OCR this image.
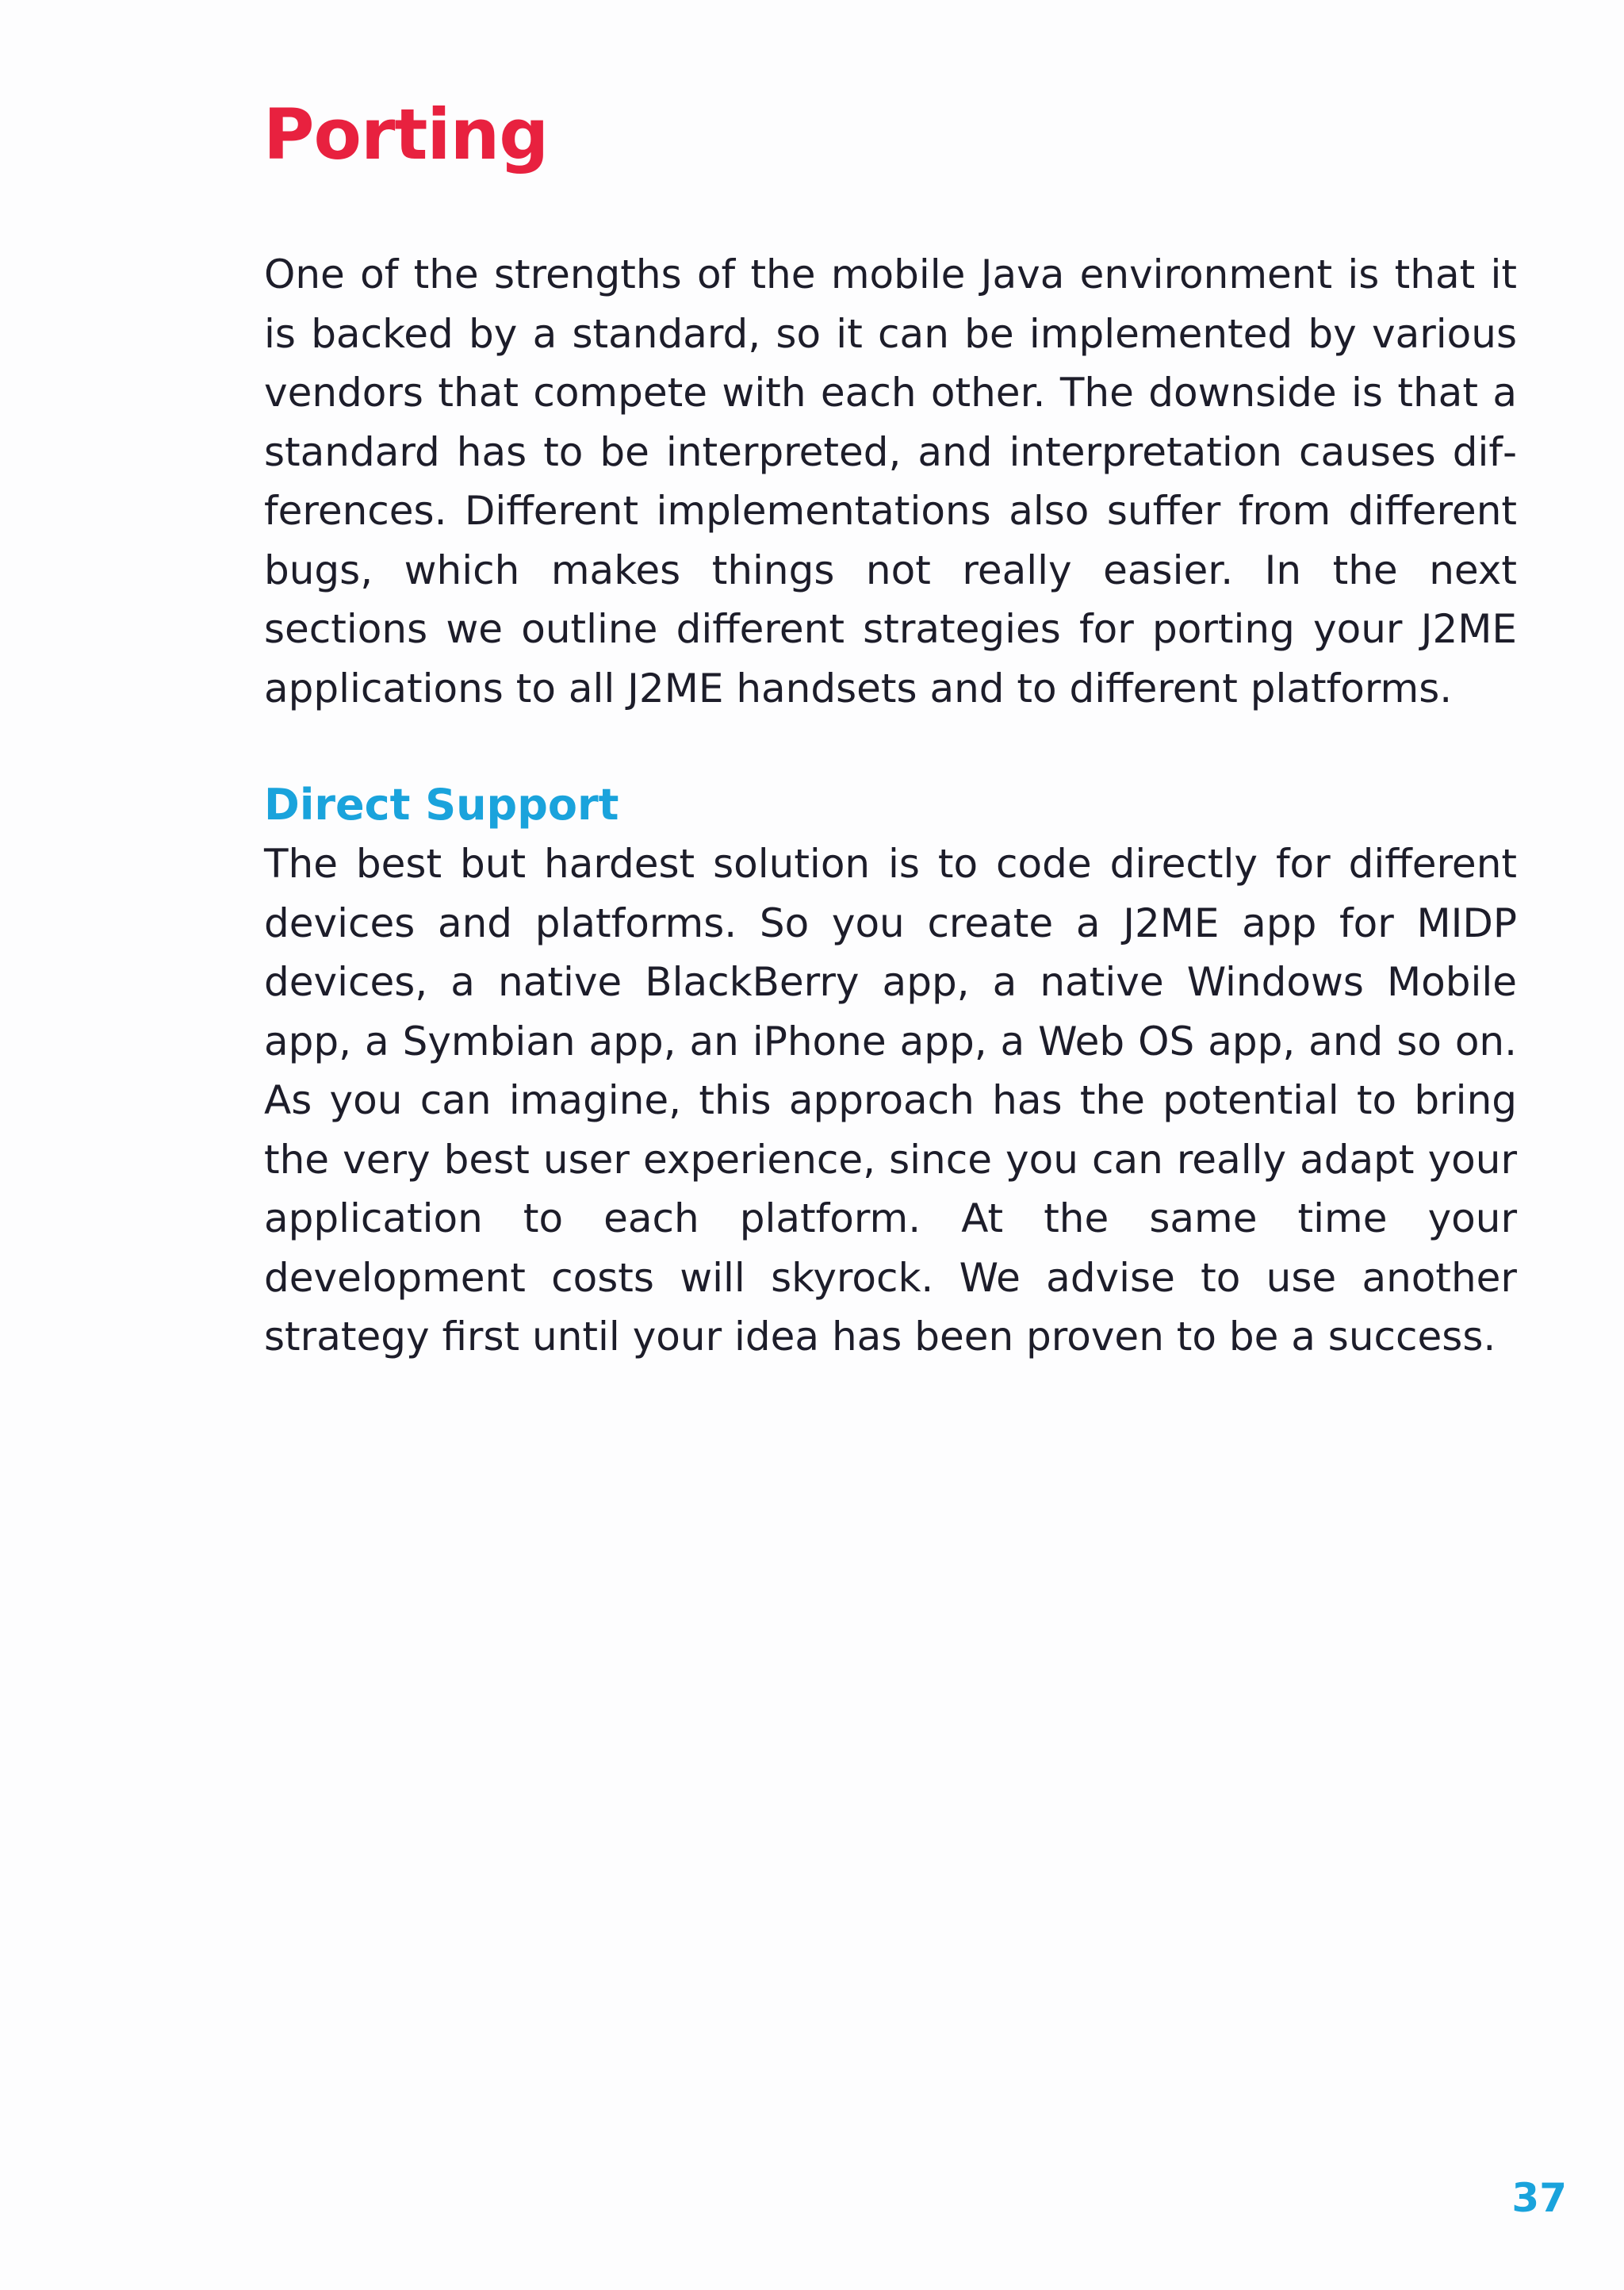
Porting

One of the strengths of the mobile Java environment is that it is backed by a standard, so it can be implemented by various vendors that compete with each other. The downside is that a standard has to be interpreted, and interpretation causes differences. Different implementations also suffer from different bugs, which makes things not really easier. In the next sections we outline different strategies for porting your J2ME applications to all J2ME handsets and to different platforms.

Direct Support

The best but hardest solution is to code directly for different devices and platforms. So you create a J2ME app for MIDP devices, a native BlackBerry app, a native Windows Mobile app, a Symbian app, an iPhone app, a Web OS app, and so on. As you can imagine, this approach has the potential to bring the very best user experience, since you can really adapt your application to each platform. At the same time your development costs will skyrock. We advise to use another strategy first until your idea has been proven to be a success.

37
